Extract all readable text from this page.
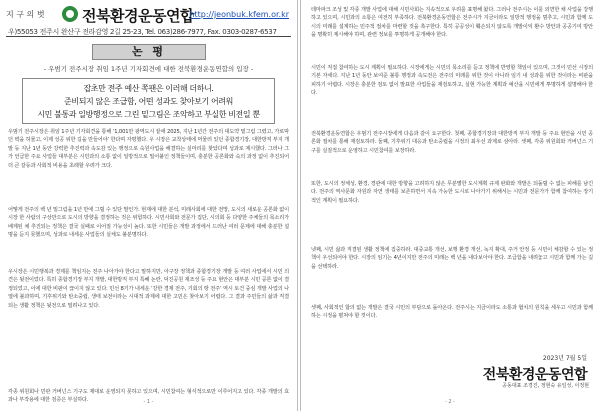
지 구 의 벗 전북환경운동연합
http://jeonbuk.kfem.or.kr
우)55053 전주시 완산구 전라감영 2길 25-23, Tel. 063)286-7977, Fax. 0303-0287-6537
논 평
- 우범기 전주시장 취임 1주년 기자회견에 대한 전북환경운동연합의 입장 -
잡초만 전주 예산 쪽팬은 이러해 더하니.
준비되지 않은 조급함, 어떤 성과도 찾아보기 어려워
시민 불통과 일방행정으로 그린 밑그림은 조악하고 부실한 비전일 뿐
우범기 전주시장은 취임 1주년 기자회견을 통해 ‘1,001만 광역도시 끝에 2025, 지난 1년간 전주의 대도약 밑그림 그렸고, 가로막던 벽을 허물고, 이제 성공 위한 길을 만들어야’ 한다며 자평했다. 우 시장은 교착상태에 머물러 있던 종합경기장, 대한방직 부지 개발 등 지난 1년 동안 강력한 추진력과 속도감 있는 행정으로 숙원사업을 해결하는 실마리를 찾았다며 성과로 제시했다. 그러나 그가 언급한 주요 사업들 대부분은 시민과의 소통 없이 일방적으로 밀어붙인 정책들이며, 충분한 공론화와 숙의 과정 없이 추진되어 더 큰 갈등과 사회적 비용을 초래할 우려가 크다.
어떻게 전주의 백 년 밑그림을 1년 만에 그릴 수 있단 말인가. 현재에 대한 분석, 미래사회에 대한 전망, 도시의 새로운 공론화 없이 시장 한 사람의 구상만으로 도시의 방향을 결정하는 것은 위험하다. 시민사회와 전문가 집단, 시의회 등 다양한 주체들의 목소리가 배제된 채 추진되는 정책은 결국 실패로 이어질 가능성이 높다. 또한 시민들은 개발 과정에서 드러난 여러 문제에 대해 충분한 설명을 듣지 못했으며, 성과로 내세운 사업들의 실체도 불분명하다.
우시장은 시민행복과 경제를 책임지는 전주 나아가야 한다고 말하지만, 아구장 정책과 종합경기장 개발 등 여러 사업에서 시민 의견은 뒷전이었다. 특히 종합경기장 부지 개발, 대한방직 부지 특혜 논란, 덕진공원 재조성 등 주요 현안은 대부분 시민 공론 없이 결정되었고, 이에 대한 비판이 끊이지 않고 있다. 민선 8기가 내세운 ‘강한 경제 전주, 기회의 땅 전주’ 역시 토건 중심 개발 사업의 나열에 불과하며, 기후위기와 탄소중립, 생태 보전이라는 시대적 과제에 대한 고민은 찾아보기 어렵다. 그 결과 주민들의 삶과 직결되는 생활 정책은 뒷전으로 밀려나고 있다.
각종 위원회나 민관 거버넌스 기구도 제대로 운영되지 못하고 있으며, 시민참여는 형식적으로만 이루어지고 있다. 각종 개발의 효과나 부작용에 대한 검증은 부실하다.
테마파크 조성 및 각종 개발 사업에 대해 시민사회는 지속적으로 우려를 표명해 왔다. 그러나 전주시는 이를 외면한 채 사업을 강행하고 있으며, 시민과의 소통은 여전히 부족하다. 전북환경운동연합은 전주시가 지금이라도 일방적 행정을 멈추고, 시민과 함께 도시의 미래를 설계하는 민주적 절차를 마련할 것을 촉구한다. 특히 공공성이 훼손되지 않도록 개발이익 환수 방안과 공공기여 방안을 명확히 제시해야 하며, 관련 정보를 투명하게 공개해야 한다.
시민이 직접 참여하는 도시 계획이 필요하다. 시장에게는 시민의 목소리를 듣고 정책에 반영할 책임이 있으며, 그것이 민선 시장의 기본 자세다. 지난 1년 동안 보여준 불통 행정과 속도전은 전주의 미래를 위한 것이 아니라 임기 내 성과를 위한 것이라는 비판을 피하기 어렵다. 시장은 충분한 검토 없이 발표한 사업들을 재검토하고, 실현 가능한 계획과 예산을 시민에게 투명하게 설명해야 한다.
전북환경운동연합은 우범기 전주시장에게 다음과 같이 요구한다. 첫째, 종합경기장과 대한방직 부지 개발 등 주요 현안을 시민 공론화 절차를 통해 재검토하라. 둘째, 기후위기 대응과 탄소중립을 시정의 최우선 과제로 삼아라. 셋째, 각종 위원회와 거버넌스 기구를 실질적으로 운영하고 시민참여를 보장하라.
또한, 도시의 정체성, 환경, 경관에 대한 방향을 고려하지 않은 무분별한 도시계획 규제 완화와 개발은 되돌릴 수 없는 피해를 남긴다. 전주의 역사문화 자원과 자연 생태를 보존하면서 지속 가능한 도시로 나아가기 위해서는 시민과 전문가가 함께 참여하는 장기적인 계획이 필요하다.
넷째, 시민 삶과 직결된 생활 정책에 집중하라. 대중교통 개선, 보행 환경 개선, 녹지 확대, 주거 안정 등 시민이 체감할 수 있는 정책이 우선되어야 한다. 시장의 임기는 4년이지만 전주의 미래는 백 년을 내다보아야 한다. 조급함을 내려놓고 시민과 함께 가는 길을 선택하라.
셋째, 사회적인 합의 없는 개발은 결국 시민의 부담으로 돌아온다. 전주시는 지금이라도 소통과 협치의 원칙을 세우고 시민과 함께하는 시정을 펼쳐야 할 것이다.
2023년 7월 5일
전북환경운동연합
공동대표 조경진, 정현숙 유일성, 이정현
- 1 -	- 2 -
